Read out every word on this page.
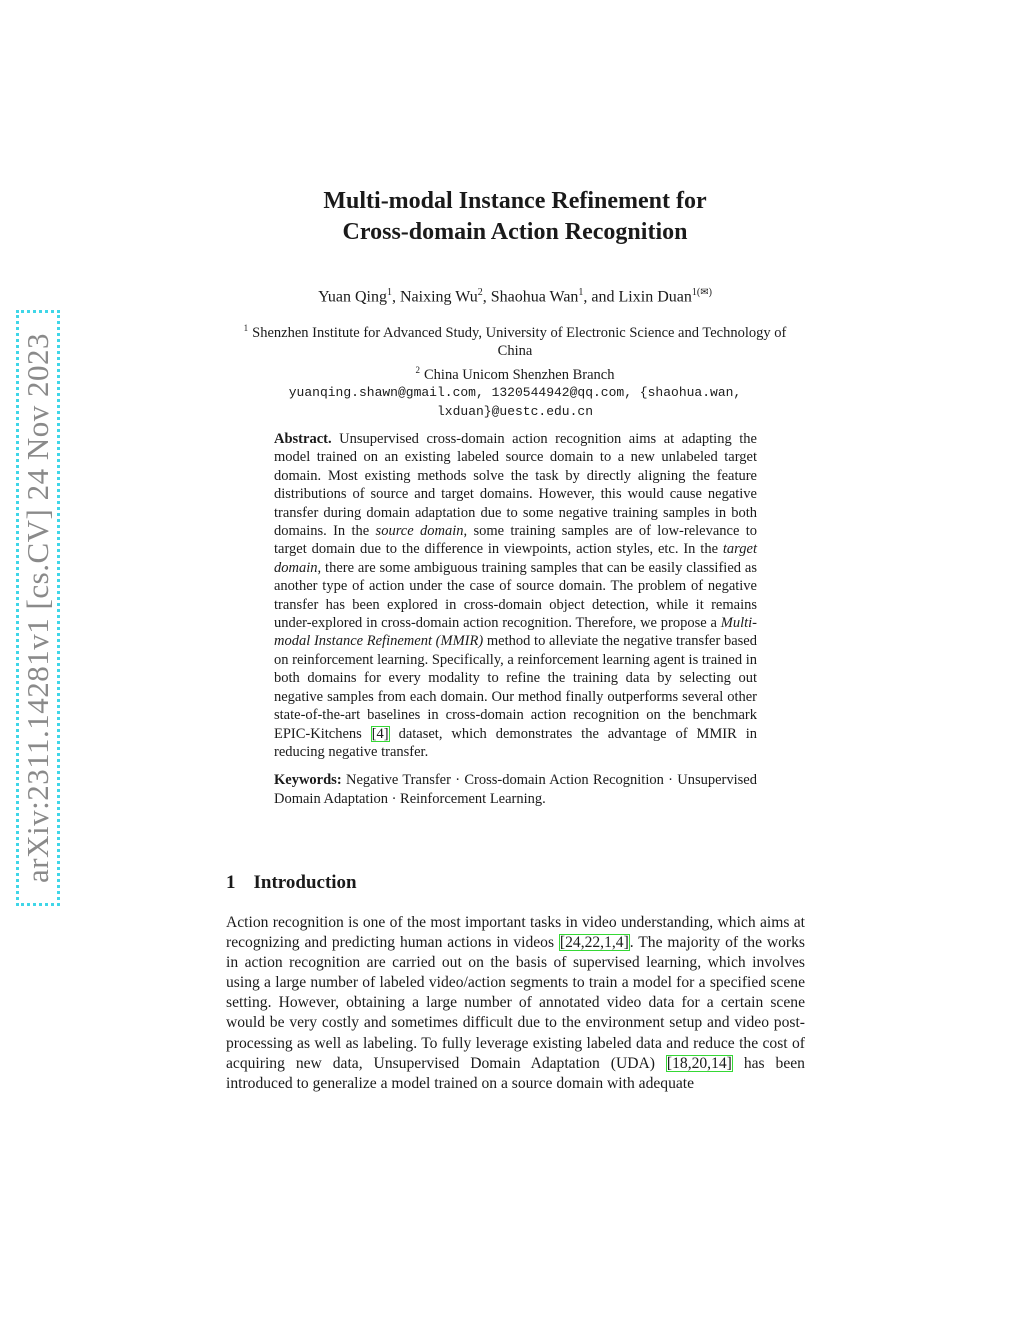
arXiv:2311.14281v1 [cs.CV] 24 Nov 2023
Multi-modal Instance Refinement for
Cross-domain Action Recognition
Yuan Qing$^1$, Naixing Wu$^2$, Shaohua Wan$^1$, and Lixin Duan$^{1(✉)}$
$^1$ Shenzhen Institute for Advanced Study, University of Electronic Science and Technology of China
$^2$ China Unicom Shenzhen Branch
yuanqing.shawn@gmail.com, 1320544942@qq.com, {shaohua.wan,
lxduan}@uestc.edu.cn

Abstract. Unsupervised cross-domain action recognition aims at adapting the model trained on an existing labeled source domain to a new unlabeled target domain. Most existing methods solve the task by directly aligning the feature distributions of source and target domains. However, this would cause negative transfer during domain adaptation due to some negative training samples in both domains. In the source domain, some training samples are of low-relevance to target domain due to the difference in viewpoints, action styles, etc. In the target domain, there are some ambiguous training samples that can be easily classified as another type of action under the case of source domain. The problem of negative transfer has been explored in cross-domain object detection, while it remains under-explored in cross-domain action recognition. Therefore, we propose a Multi-modal Instance Refinement (MMIR) method to alleviate the negative transfer based on reinforcement learning. Specifically, a reinforcement learning agent is trained in both domains for every modality to refine the training data by selecting out negative samples from each domain. Our method finally outperforms several other state-of-the-art baselines in cross-domain action recognition on the benchmark EPIC-Kitchens [4] dataset, which demonstrates the advantage of MMIR in reducing negative transfer.

Keywords: Negative Transfer · Cross-domain Action Recognition · Unsupervised Domain Adaptation · Reinforcement Learning.

1 Introduction

Action recognition is one of the most important tasks in video understanding, which aims at recognizing and predicting human actions in videos [24,22,1,4]. The majority of the works in action recognition are carried out on the basis of supervised learning, which involves using a large number of labeled video/action segments to train a model for a specified scene setting. However, obtaining a large number of annotated video data for a certain scene would be very costly and sometimes difficult due to the environment setup and video post-processing as well as labeling. To fully leverage existing labeled data and reduce the cost of acquiring new data, Unsupervised Domain Adaptation (UDA) [18,20,14] has been introduced to generalize a model trained on a source domain with adequate
